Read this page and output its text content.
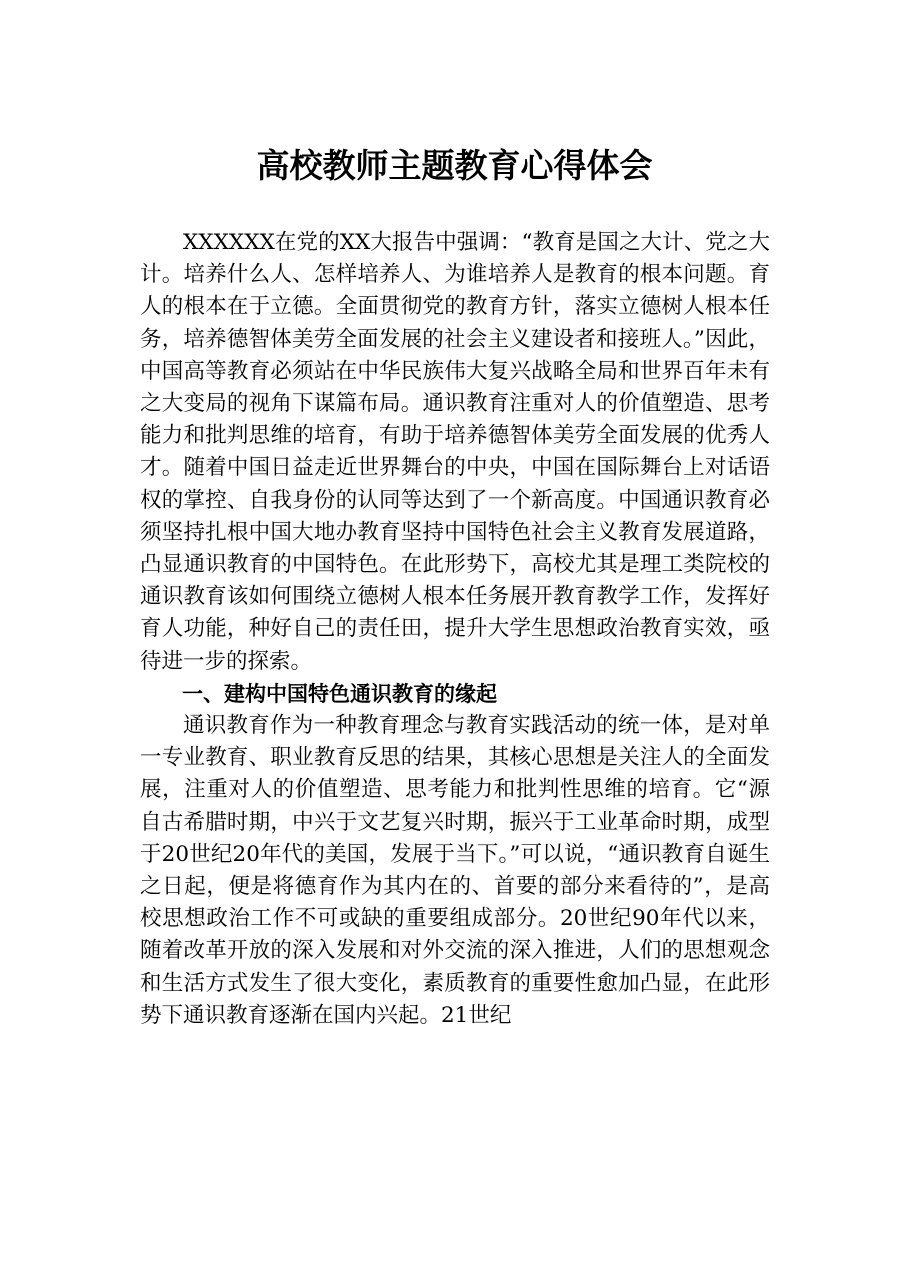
高校教师主题教育心得体会

XXXXXX在党的XX大报告中强调：“教育是国之大计、党之大计。培养什么人、怎样培养人、为谁培养人是教育的根本问题。育人的根本在于立德。全面贯彻党的教育方针，落实立德树人根本任务，培养德智体美劳全面发展的社会主义建设者和接班人。”因此，中国高等教育必须站在中华民族伟大复兴战略全局和世界百年未有之大变局的视角下谋篇布局。通识教育注重对人的价值塑造、思考能力和批判思维的培育，有助于培养德智体美劳全面发展的优秀人才。随着中国日益走近世界舞台的中央，中国在国际舞台上对话语权的掌控、自我身份的认同等达到了一个新高度。中国通识教育必须坚持扎根中国大地办教育坚持中国特色社会主义教育发展道路，凸显通识教育的中国特色。在此形势下，高校尤其是理工类院校的通识教育该如何围绕立德树人根本任务展开教育教学工作，发挥好育人功能，种好自己的责任田，提升大学生思想政治教育实效，亟待进一步的探索。

一、建构中国特色通识教育的缘起

通识教育作为一种教育理念与教育实践活动的统一体，是对单一专业教育、职业教育反思的结果，其核心思想是关注人的全面发展，注重对人的价值塑造、思考能力和批判性思维的培育。它“源自古希腊时期，中兴于文艺复兴时期，振兴于工业革命时期，成型于20世纪20年代的美国，发展于当下。”可以说，“通识教育自诞生之日起，便是将德育作为其内在的、首要的部分来看待的”，是高校思想政治工作不可或缺的重要组成部分。20世纪90年代以来，随着改革开放的深入发展和对外交流的深入推进，人们的思想观念和生活方式发生了很大变化，素质教育的重要性愈加凸显，在此形势下通识教育逐渐在国内兴起。21世纪
